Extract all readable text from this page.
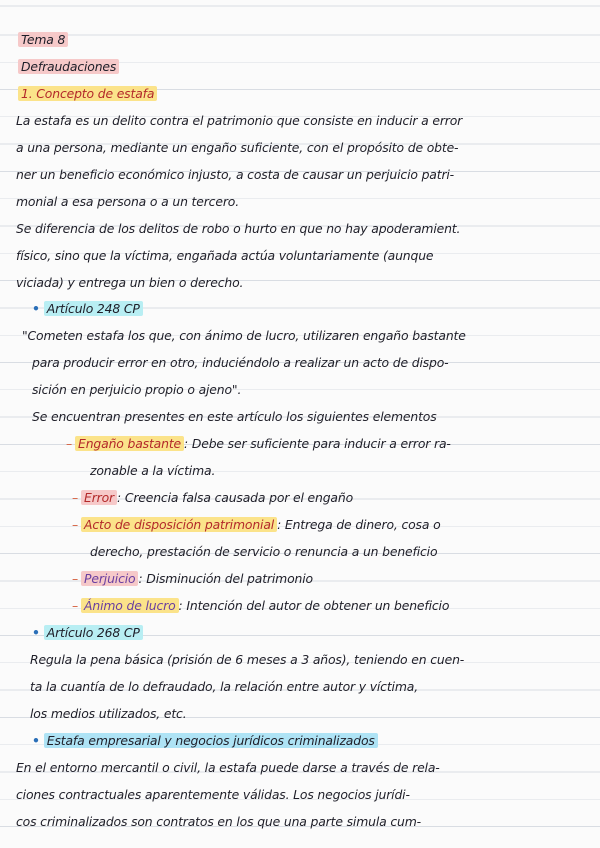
Tema 8
Defraudaciones
1. Concepto de estafa
La estafa es un delito contra el patrimonio que consiste en inducir a error
a una persona, mediante un engaño suficiente, con el propósito de obte-
ner un beneficio económico injusto, a costa de causar un perjuicio patri-
monial a esa persona o a un tercero.
Se diferencia de los delitos de robo o hurto en que no hay apoderamient.
físico, sino que la víctima, engañada actúa voluntariamente (aunque
viciada) y entrega un bien o derecho.
• Artículo 248 CP
"Cometen estafa los que, con ánimo de lucro, utilizaren engaño bastante
para producir error en otro, induciéndolo a realizar un acto de dispo-
sición en perjuicio propio o ajeno".
Se encuentran presentes en este artículo los siguientes elementos
– Engaño bastante : Debe ser suficiente para inducir a error ra-
zonable a la víctima.
– Error : Creencia falsa causada por el engaño
– Acto de disposición patrimonial : Entrega de dinero, cosa o
derecho, prestación de servicio o renuncia a un beneficio
– Perjuicio : Disminución del patrimonio
– Ánimo de lucro : Intención del autor de obtener un beneficio
• Artículo 268 CP
Regula la pena básica (prisión de 6 meses a 3 años), teniendo en cuen-
ta la cuantía de lo defraudado, la relación entre autor y víctima,
los medios utilizados, etc.
• Estafa empresarial y negocios jurídicos criminalizados
En el entorno mercantil o civil, la estafa puede darse a través de rela-
ciones contractuales aparentemente válidas. Los negocios jurídi-
cos criminalizados son contratos en los que una parte simula cum-
